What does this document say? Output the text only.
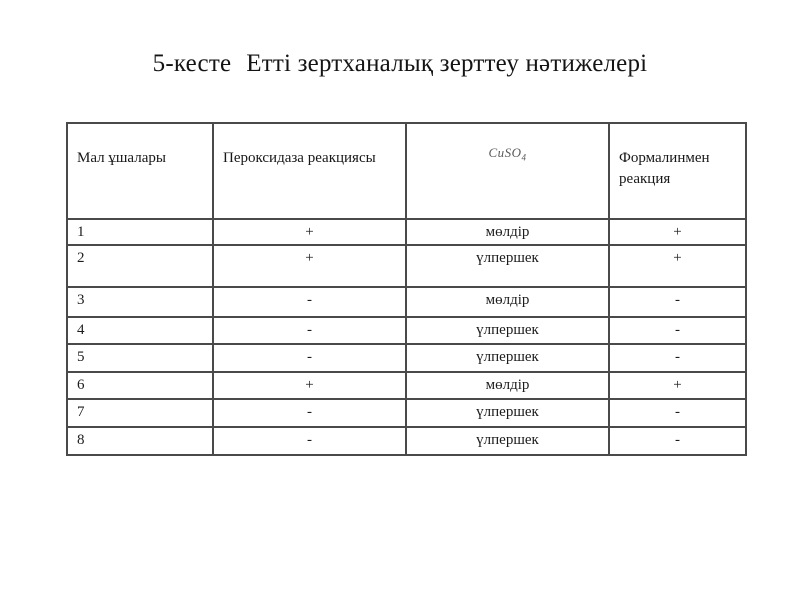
5-кесте Етті зертханалық зерттеу нәтижелері
Мал ұшалары	Пероксидаза реакциясы	CuSO$_4$	Формалинмен реакция
1	+	мөлдір	+
2	+	үлпершек	+
3	-	мөлдір	-
4	-	үлпершек	-
5	-	үлпершек	-
6	+	мөлдір	+
7	-	үлпершек	-
8	-	үлпершек	-
